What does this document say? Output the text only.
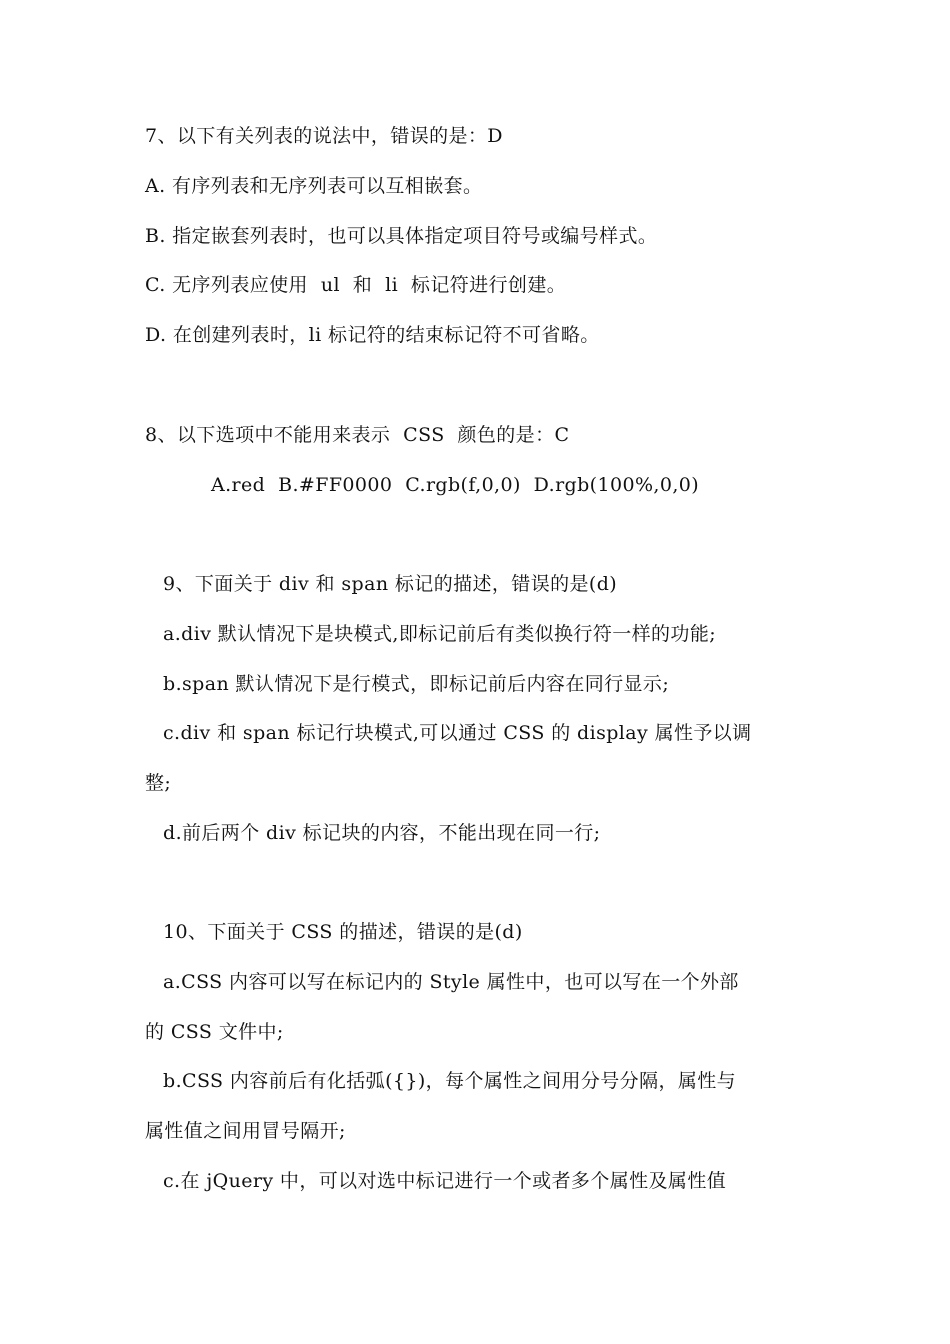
7、以下有关列表的说法中，错误的是：D
A. 有序列表和无序列表可以互相嵌套。
B. 指定嵌套列表时，也可以具体指定项目符号或编号样式。
C. 无序列表应使用  ul  和  li  标记符进行创建。
D. 在创建列表时，li 标记符的结束标记符不可省略。
8、以下选项中不能用来表示  CSS  颜色的是：C
A.red  B.#FF0000  C.rgb(f,0,0)  D.rgb(100%,0,0)
9、下面关于 div 和 span 标记的描述，错误的是(d)
a.div 默认情况下是块模式,即标记前后有类似换行符一样的功能;
b.span 默认情况下是行模式，即标记前后内容在同行显示;
c.div 和 span 标记行块模式,可以通过 CSS 的 display 属性予以调
整;
d.前后两个 div 标记块的内容，不能出现在同一行;
10、下面关于 CSS 的描述，错误的是(d)
a.CSS 内容可以写在标记内的 Style 属性中，也可以写在一个外部
的 CSS 文件中;
b.CSS 内容前后有化括弧({})，每个属性之间用分号分隔，属性与
属性值之间用冒号隔开;
c.在 jQuery 中，可以对选中标记进行一个或者多个属性及属性值
